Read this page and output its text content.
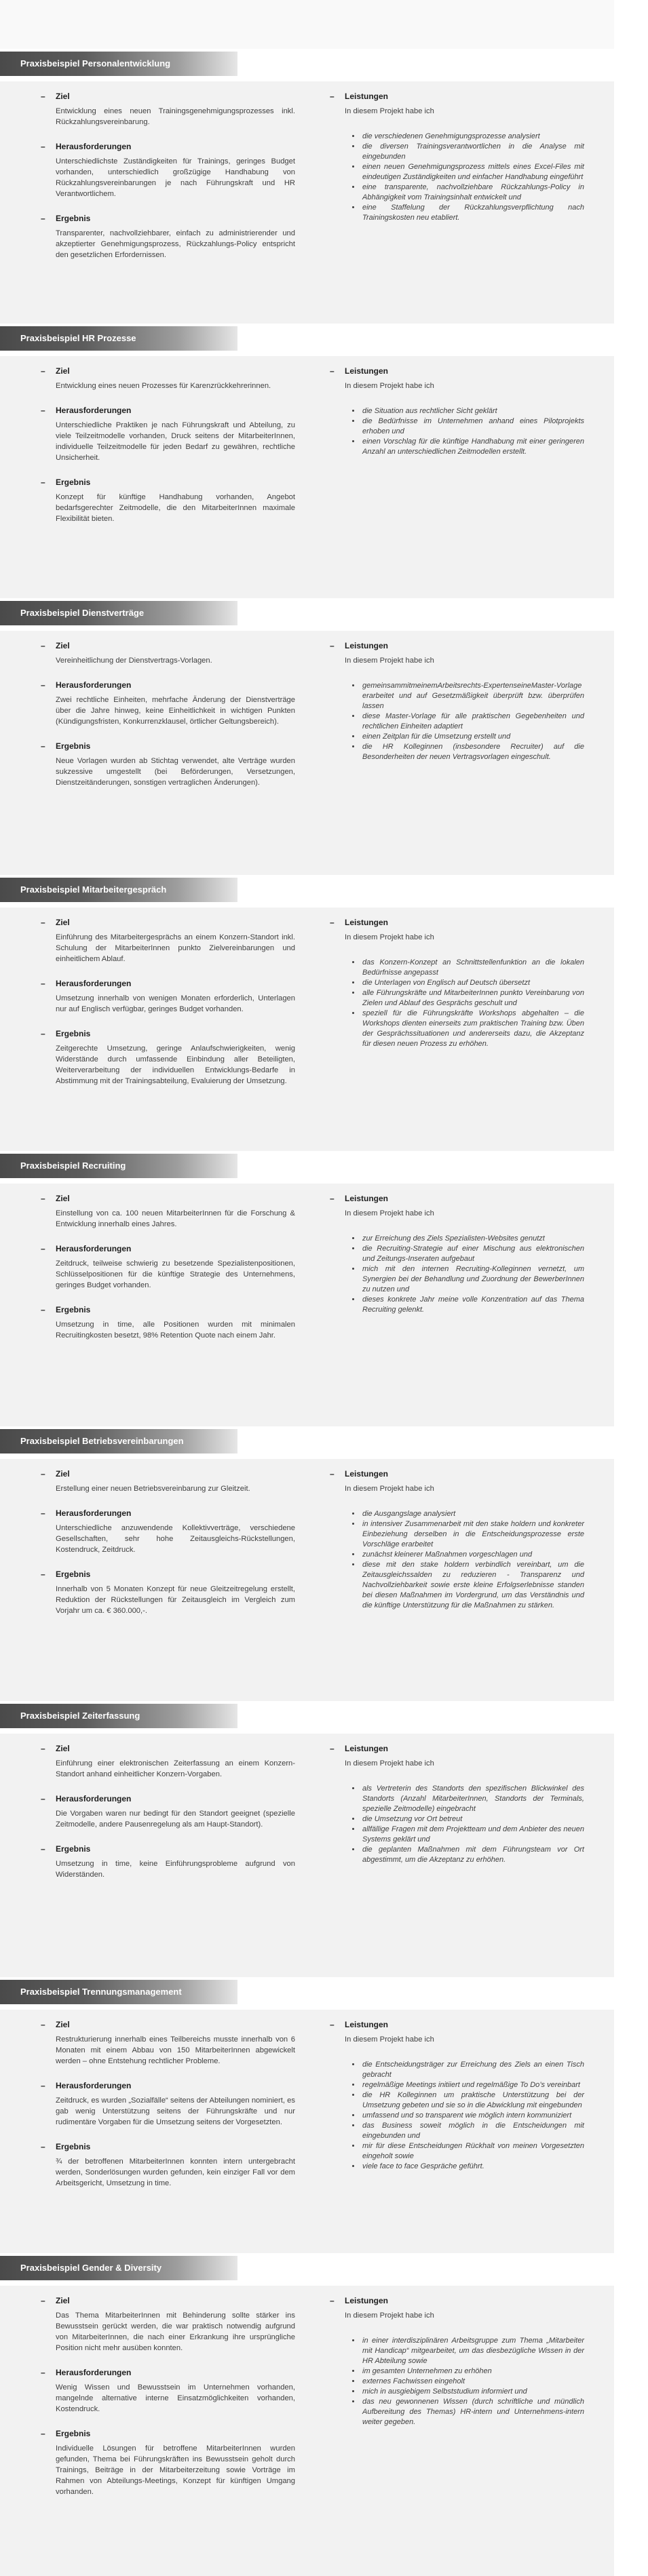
Praxisbeispiel Personalentwicklung
– Ziel
Entwicklung eines neuen Trainingsgenehmigungsprozesses inkl. Rückzahlungsvereinbarung.
– Herausforderungen
Unterschiedlichste Zuständigkeiten für Trainings, geringes Budget vorhanden, unterschiedlich großzügige Handhabung von Rückzahlungsvereinbarungen je nach Führungskraft und HR Verantwortlichem.
– Ergebnis
Transparenter, nachvollziehbarer, einfach zu administrierender und akzeptierter Genehmigungsprozess, Rückzahlungs-Policy entspricht den gesetzlichen Erfordernissen.
– Leistungen
In diesem Projekt habe ich
• die verschiedenen Genehmigungsprozesse analysiert
• die diversen Trainingsverantwortlichen in die Analyse mit eingebunden
• einen neuen Genehmigungsprozess mittels eines Excel-Files mit eindeutigen Zuständigkeiten und einfacher Handhabung eingeführt
• eine transparente, nachvollziehbare Rückzahlungs-Policy in Abhängigkeit vom Trainingsinhalt entwickelt und
• eine Staffelung der Rückzahlungsverpflichtung nach Trainingskosten neu etabliert.
Praxisbeispiel HR Prozesse
– Ziel
Entwicklung eines neuen Prozesses für Karenzrückkehrerinnen.
– Herausforderungen
Unterschiedliche Praktiken je nach Führungskraft und Abteilung, zu viele Teilzeitmodelle vorhanden, Druck seitens der MitarbeiterInnen, individuelle Teilzeitmodelle für jeden Bedarf zu gewähren, rechtliche Unsicherheit.
– Ergebnis
Konzept für künftige Handhabung vorhanden, Angebot bedarfsgerechter Zeitmodelle, die den MitarbeiterInnen maximale Flexibilität bieten.
– Leistungen
In diesem Projekt habe ich
• die Situation aus rechtlicher Sicht geklärt
• die Bedürfnisse im Unternehmen anhand eines Pilotprojekts erhoben und
• einen Vorschlag für die künftige Handhabung mit einer geringeren Anzahl an unterschiedlichen Zeitmodellen erstellt.
Praxisbeispiel Dienstverträge
– Ziel
Vereinheitlichung der Dienstvertrags-Vorlagen.
– Herausforderungen
Zwei rechtliche Einheiten, mehrfache Änderung der Dienstverträge über die Jahre hinweg, keine Einheitlichkeit in wichtigen Punkten (Kündigungsfristen, Konkurrenzklausel, örtlicher Geltungsbereich).
– Ergebnis
Neue Vorlagen wurden ab Stichtag verwendet, alte Verträge wurden sukzessive umgestellt (bei Beförderungen, Versetzungen, Dienstzeitänderungen, sonstigen vertraglichen Änderungen).
– Leistungen
In diesem Projekt habe ich
• gemeinsammitmeinemArbeitsrechts-ExpertenseineMaster-Vorlage erarbeitet und auf Gesetzmäßigkeit überprüft bzw. überprüfen lassen
• diese Master-Vorlage für alle praktischen Gegebenheiten und rechtlichen Einheiten adaptiert
• einen Zeitplan für die Umsetzung erstellt und
• die HR Kolleginnen (insbesondere Recruiter) auf die Besonderheiten der neuen Vertragsvorlagen eingeschult.
Praxisbeispiel Mitarbeitergespräch
– Ziel
Einführung des Mitarbeitergesprächs an einem Konzern-Standort inkl. Schulung der MitarbeiterInnen punkto Zielvereinbarungen und einheitlichem Ablauf.
– Herausforderungen
Umsetzung innerhalb von wenigen Monaten erforderlich, Unterlagen nur auf Englisch verfügbar, geringes Budget vorhanden.
– Ergebnis
Zeitgerechte Umsetzung, geringe Anlaufschwierigkeiten, wenig Widerstände durch umfassende Einbindung aller Beteiligten, Weiterverarbeitung der individuellen Entwicklungs-Bedarfe in Abstimmung mit der Trainingsabteilung, Evaluierung der Umsetzung.
– Leistungen
In diesem Projekt habe ich
• das Konzern-Konzept an Schnittstellenfunktion an die lokalen Bedürfnisse angepasst
• die Unterlagen von Englisch auf Deutsch übersetzt
• alle Führungskräfte und MitarbeiterInnen punkto Vereinbarung von Zielen und Ablauf des Gesprächs geschult und
• speziell für die Führungskräfte Workshops abgehalten – die Workshops dienten einerseits zum praktischen Training bzw. Üben der Gesprächssituationen und andererseits dazu, die Akzeptanz für diesen neuen Prozess zu erhöhen.
Praxisbeispiel Recruiting
– Ziel
Einstellung von ca. 100 neuen MitarbeiterInnen für die Forschung & Entwicklung innerhalb eines Jahres.
– Herausforderungen
Zeitdruck, teilweise schwierig zu besetzende Spezialistenpositionen, Schlüsselpositionen für die künftige Strategie des Unternehmens, geringes Budget vorhanden.
– Ergebnis
Umsetzung in time, alle Positionen wurden mit minimalen Recruitingkosten besetzt, 98% Retention Quote nach einem Jahr.
– Leistungen
In diesem Projekt habe ich
• zur Erreichung des Ziels Spezialisten-Websites genutzt
• die Recruiting-Strategie auf einer Mischung aus elektronischen und Zeitungs-Inseraten aufgebaut
• mich mit den internen Recruiting-Kolleginnen vernetzt, um Synergien bei der Behandlung und Zuordnung der BewerberInnen zu nutzen und
• dieses konkrete Jahr meine volle Konzentration auf das Thema Recruiting gelenkt.
Praxisbeispiel Betriebsvereinbarungen
– Ziel
Erstellung einer neuen Betriebsvereinbarung zur Gleitzeit.
– Herausforderungen
Unterschiedliche anzuwendende Kollektivverträge, verschiedene Gesellschaften, sehr hohe Zeitausgleichs-Rückstellungen, Kostendruck, Zeitdruck.
– Ergebnis
Innerhalb von 5 Monaten Konzept für neue Gleitzeitregelung erstellt, Reduktion der Rückstellungen für Zeitausgleich im Vergleich zum Vorjahr um ca. € 360.000,-.
– Leistungen
In diesem Projekt habe ich
• die Ausgangslage analysiert
• in intensiver Zusammenarbeit mit den stake holdern und konkreter Einbeziehung derselben in die Entscheidungsprozesse erste Vorschläge erarbeitet
• zunächst kleinerer Maßnahmen vorgeschlagen und
• diese mit den stake holdern verbindlich vereinbart, um die Zeitausgleichssalden zu reduzieren - Transparenz und Nachvollziehbarkeit sowie erste kleine Erfolgserlebnisse standen bei diesen Maßnahmen im Vordergrund, um das Verständnis und die künftige Unterstützung für die Maßnahmen zu stärken.
Praxisbeispiel Zeiterfassung
– Ziel
Einführung einer elektronischen Zeiterfassung an einem Konzern-Standort anhand einheitlicher Konzern-Vorgaben.
– Herausforderungen
Die Vorgaben waren nur bedingt für den Standort geeignet (spezielle Zeitmodelle, andere Pausenregelung als am Haupt-Standort).
– Ergebnis
Umsetzung in time, keine Einführungsprobleme aufgrund von Widerständen.
– Leistungen
In diesem Projekt habe ich
• als Vertreterin des Standorts den spezifischen Blickwinkel des Standorts (Anzahl MitarbeiterInnen, Standorts der Terminals, spezielle Zeitmodelle) eingebracht
• die Umsetzung vor Ort betreut
• allfällige Fragen mit dem Projektteam und dem Anbieter des neuen Systems geklärt und
• die geplanten Maßnahmen mit dem Führungsteam vor Ort abgestimmt, um die Akzeptanz zu erhöhen.
Praxisbeispiel Trennungsmanagement
– Ziel
Restrukturierung innerhalb eines Teilbereichs musste innerhalb von 6 Monaten mit einem Abbau von 150 MitarbeiterInnen abgewickelt werden – ohne Entstehung rechtlicher Probleme.
– Herausforderungen
Zeitdruck, es wurden „Sozialfälle“ seitens der Abteilungen nominiert, es gab wenig Unterstützung seitens der Führungskräfte und nur rudimentäre Vorgaben für die Umsetzung seitens der Vorgesetzten.
– Ergebnis
¾ der betroffenen MitarbeiterInnen konnten intern untergebracht werden, Sonderlösungen wurden gefunden, kein einziger Fall vor dem Arbeitsgericht, Umsetzung in time.
– Leistungen
In diesem Projekt habe ich
• die Entscheidungsträger zur Erreichung des Ziels an einen Tisch gebracht
• regelmäßige Meetings initiiert und regelmäßige To Do’s vereinbart
• die HR Kolleginnen um praktische Unterstützung bei der Umsetzung gebeten und sie so in die Abwicklung mit eingebunden
• umfassend und so transparent wie möglich intern kommuniziert
• das Business soweit möglich in die Entscheidungen mit eingebunden und
• mir für diese Entscheidungen Rückhalt von meinen Vorgesetzten eingeholt sowie
• viele face to face Gespräche geführt.
Praxisbeispiel Gender & Diversity
– Ziel
Das Thema MitarbeiterInnen mit Behinderung sollte stärker ins Bewusstsein gerückt werden, die war praktisch notwendig aufgrund von MitarbeiterInnen, die nach einer Erkrankung ihre ursprüngliche Position nicht mehr ausüben konnten.
– Herausforderungen
Wenig Wissen und Bewusstsein im Unternehmen vorhanden, mangelnde alternative interne Einsatzmöglichkeiten vorhanden, Kostendruck.
– Ergebnis
Individuelle Lösungen für betroffene MitarbeiterInnen wurden gefunden, Thema bei Führungskräften ins Bewusstsein geholt durch Trainings, Beiträge in der Mitarbeiterzeitung sowie Vorträge im Rahmen von Abteilungs-Meetings, Konzept für künftigen Umgang vorhanden.
– Leistungen
In diesem Projekt habe ich
• in einer interdisziplinären Arbeitsgruppe zum Thema „Mitarbeiter mit Handicap“ mitgearbeitet, um das diesbezügliche Wissen in der HR Abteilung sowie
• im gesamten Unternehmen zu erhöhen
• externes Fachwissen eingeholt
• mich in ausgiebigem Selbststudium informiert und
• das neu gewonnenen Wissen (durch schriftliche und mündlich Aufbereitung des Themas) HR-intern und Unternehmens-intern weiter gegeben.
